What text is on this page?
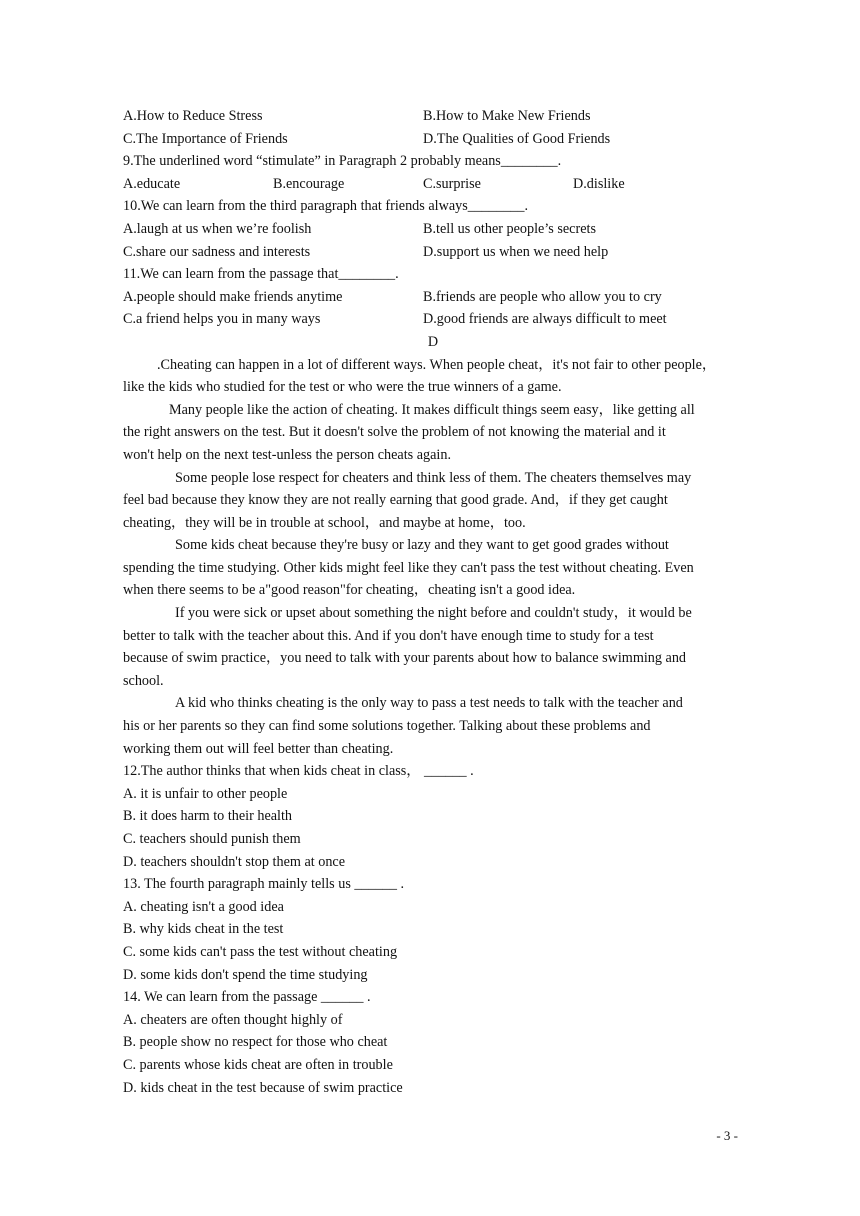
A.How to Reduce Stress	B.How to Make New Friends
C.The Importance of Friends	D.The Qualities of Good Friends
9.The underlined word “stimulate” in Paragraph 2 probably means________.
A.educate	B.encourage	C.surprise	D.dislike
10.We can learn from the third paragraph that friends always________.
A.laugh at us when we’re foolish	B.tell us other people’s secrets
C.share our sadness and interests	D.support us when we need help
11.We can learn from the passage that________.
A.people should make friends anytime	B.friends are people who allow you to cry
C.a friend helps you in many ways	D.good friends are always difficult to meet
D
.Cheating can happen in a lot of different ways. When people cheat，it's not fair to other people，
like the kids who studied for the test or who were the true winners of a game.
Many people like the action of cheating. It makes difficult things seem easy，like getting all
the right answers on the test. But it doesn't solve the problem of not knowing the material and it
won't help on the next test-unless the person cheats again.
Some people lose respect for cheaters and think less of them. The cheaters themselves may
feel bad because they know they are not really earning that good grade. And，if they get caught
cheating，they will be in trouble at school，and maybe at home，too.
Some kids cheat because they're busy or lazy and they want to get good grades without
spending the time studying. Other kids might feel like they can't pass the test without cheating. Even
when there seems to be a"good reason"for cheating，cheating isn't a good idea.
If you were sick or upset about something the night before and couldn't study，it would be
better to talk with the teacher about this. And if you don't have enough time to study for a test
because of swim practice，you need to talk with your parents about how to balance swimming and
school.
A kid who thinks cheating is the only way to pass a test needs to talk with the teacher and
his or her parents so they can find some solutions together. Talking about these problems and
working them out will feel better than cheating.
12.The author thinks that when kids cheat in class， ______ .
A. it is unfair to other people
B. it does harm to their health
C. teachers should punish them
D. teachers shouldn't stop them at once
13. The fourth paragraph mainly tells us ______ .
A. cheating isn't a good idea
B. why kids cheat in the test
C. some kids can't pass the test without cheating
D. some kids don't spend the time studying
14. We can learn from the passage ______ .
A. cheaters are often thought highly of
B. people show no respect for those who cheat
C. parents whose kids cheat are often in trouble
D. kids cheat in the test because of swim practice
- 3 -
